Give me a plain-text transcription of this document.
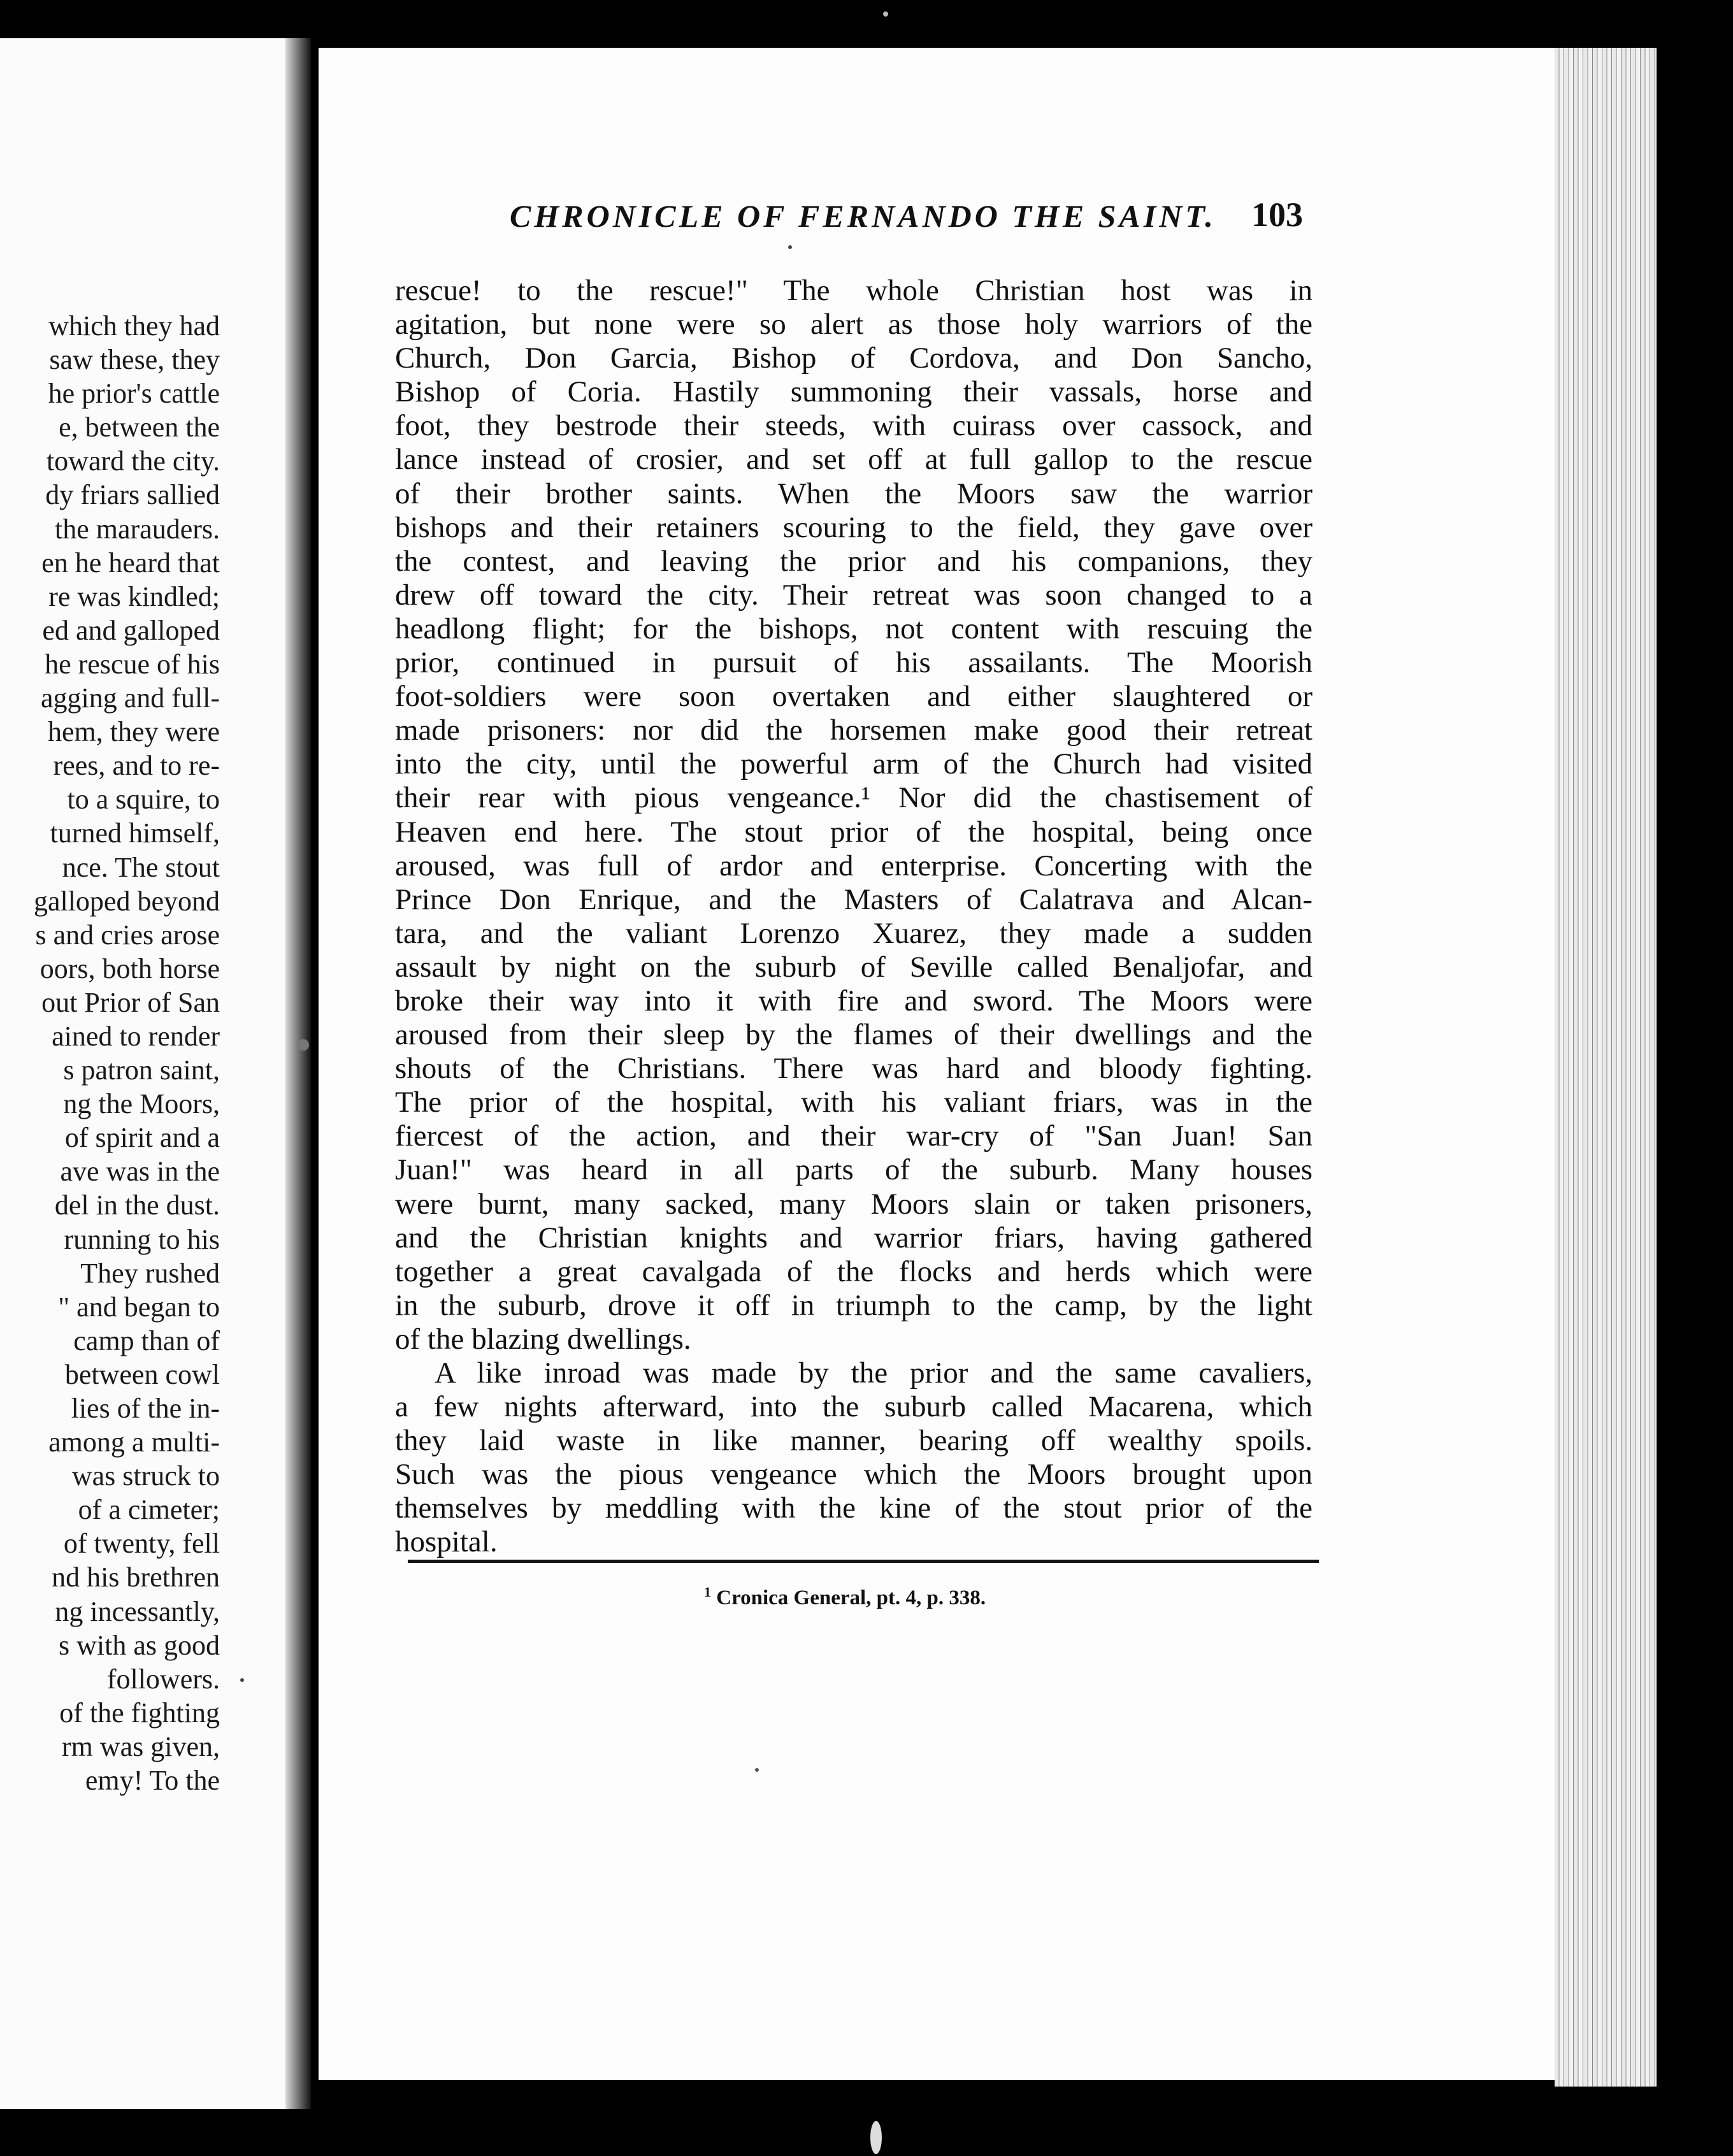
which they had
saw these, they
he prior's cattle
e, between the
toward the city.
dy friars sallied
the marauders.
en he heard that
re was kindled;
ed and galloped
he rescue of his
agging and full-
hem, they were
rees, and to re-
to a squire, to
turned himself,
nce. The stout
galloped beyond
s and cries arose
oors, both horse
out Prior of San
ained to render
s patron saint,
ng the Moors,
of spirit and a
ave was in the
del in the dust.
running to his
They rushed
" and began to
camp than of
between cowl
lies of the in-
among a multi-
was struck to
of a cimeter;
of twenty, fell
nd his brethren
ng incessantly,
s with as good
followers.
of the fighting
rm was given,
emy! To the
CHRONICLE OF FERNANDO THE SAINT. 103
rescue! to the rescue!" The whole Christian host was in
agitation, but none were so alert as those holy warriors of the
Church, Don Garcia, Bishop of Cordova, and Don Sancho,
Bishop of Coria. Hastily summoning their vassals, horse and
foot, they bestrode their steeds, with cuirass over cassock, and
lance instead of crosier, and set off at full gallop to the rescue
of their brother saints. When the Moors saw the warrior
bishops and their retainers scouring to the field, they gave over
the contest, and leaving the prior and his companions, they
drew off toward the city. Their retreat was soon changed to a
headlong flight; for the bishops, not content with rescuing the
prior, continued in pursuit of his assailants. The Moorish
foot-soldiers were soon overtaken and either slaughtered or
made prisoners: nor did the horsemen make good their retreat
into the city, until the powerful arm of the Church had visited
their rear with pious vengeance.¹ Nor did the chastisement of
Heaven end here. The stout prior of the hospital, being once
aroused, was full of ardor and enterprise. Concerting with the
Prince Don Enrique, and the Masters of Calatrava and Alcan-
tara, and the valiant Lorenzo Xuarez, they made a sudden
assault by night on the suburb of Seville called Benaljofar, and
broke their way into it with fire and sword. The Moors were
aroused from their sleep by the flames of their dwellings and the
shouts of the Christians. There was hard and bloody fighting.
The prior of the hospital, with his valiant friars, was in the
fiercest of the action, and their war-cry of "San Juan! San
Juan!" was heard in all parts of the suburb. Many houses
were burnt, many sacked, many Moors slain or taken prisoners,
and the Christian knights and warrior friars, having gathered
together a great cavalgada of the flocks and herds which were
in the suburb, drove it off in triumph to the camp, by the light
of the blazing dwellings.
A like inroad was made by the prior and the same cavaliers,
a few nights afterward, into the suburb called Macarena, which
they laid waste in like manner, bearing off wealthy spoils.
Such was the pious vengeance which the Moors brought upon
themselves by meddling with the kine of the stout prior of the
hospital.
$^1$ Cronica General, pt. 4, p. 338.
